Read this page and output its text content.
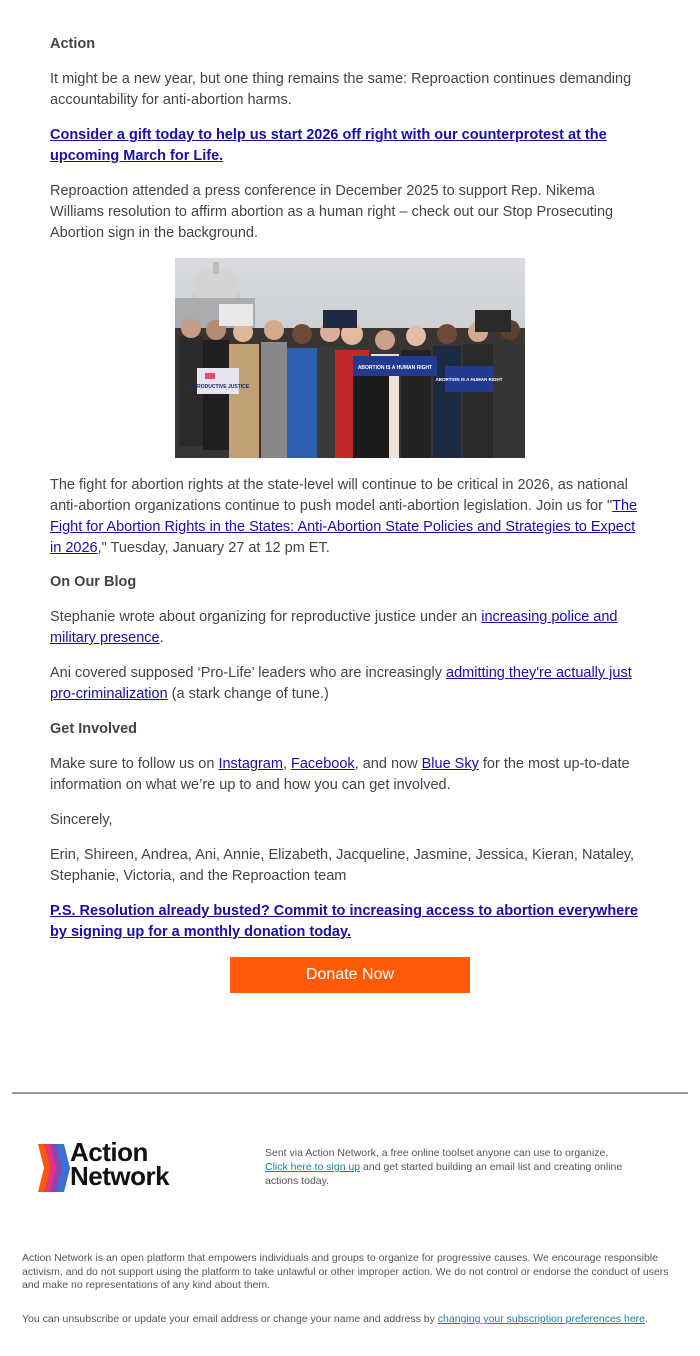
Action

It might be a new year, but one thing remains the same: Reproaction continues demanding accountability for anti-abortion harms.

Consider a gift today to help us start 2026 off right with our counterprotest at the upcoming March for Life.

Reproaction attended a press conference in December 2025 to support Rep. Nikema Williams resolution to affirm abortion as a human right – check out our Stop Prosecuting Abortion sign in the background.

The fight for abortion rights at the state-level will continue to be critical in 2026, as national anti-abortion organizations continue to push model anti-abortion legislation. Join us for "The Fight for Abortion Rights in the States: Anti-Abortion State Policies and Strategies to Expect in 2026," Tuesday, January 27 at 12 pm ET.

On Our Blog

Stephanie wrote about organizing for reproductive justice under an increasing police and military presence.

Ani covered supposed ‘Pro-Life’ leaders who are increasingly admitting they're actually just pro-criminalization (a stark change of tune.)

Get Involved

Make sure to follow us on Instagram, Facebook, and now Blue Sky for the most up-to-date information on what we’re up to and how you can get involved.

Sincerely,

Erin, Shireen, Andrea, Ani, Annie, Elizabeth, Jacqueline, Jasmine, Jessica, Kieran, Nataley, Stephanie, Victoria, and the Reproaction team

P.S. Resolution already busted? Commit to increasing access to abortion everywhere by signing up for a monthly donation today.

REPRODUCTIVE JUSTICE
ABORTION IS A HUMAN RIGHT
ABORTION IS A HUMAN RIGHT
Donate Now
Action
Network
Sent via Action Network, a free online toolset anyone can use to organize.
Click here to sign up and get started building an email list and creating online actions today.

Action Network is an open platform that empowers individuals and groups to organize for progressive causes. We encourage responsible activism, and do not support using the platform to take unlawful or other improper action. We do not control or endorse the conduct of users and make no representations of any kind about them.

You can unsubscribe or update your email address or change your name and address by changing your subscription preferences here.
